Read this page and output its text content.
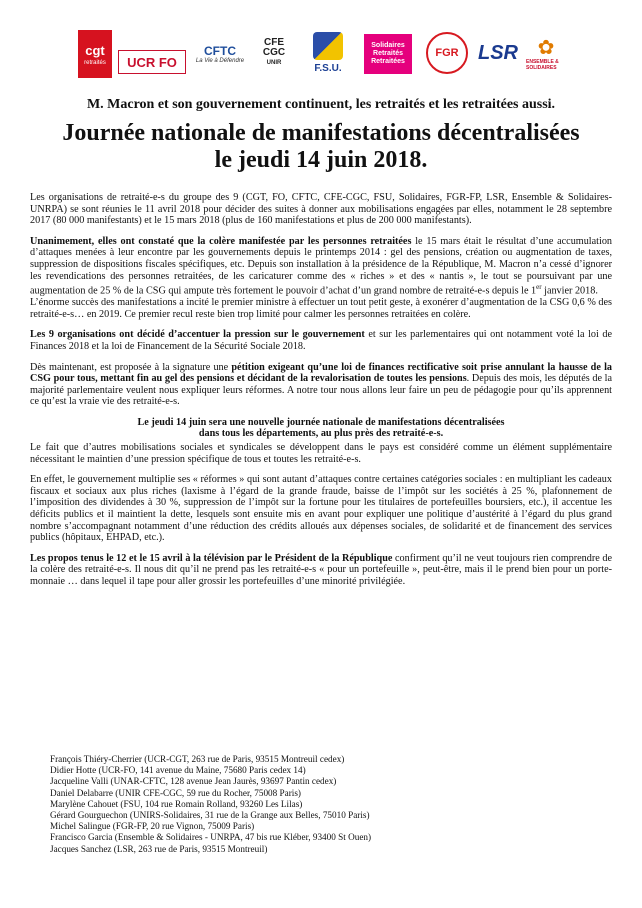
cgt
retraités UCR FO
CFTC
La Vie à Défendre
CFE
CGC
UNIR	F.S.U.
Solidaires Retraités Retraitées
FGR LSR ✿
ENSEMBLE & SOLIDAIRES
M. Macron et son gouvernement continuent, les retraités et les retraitées aussi.
Journée nationale de manifestations décentralisées
le jeudi 14 juin 2018.

Les organisations de retraité-e-s du groupe des 9 (CGT, FO, CFTC, CFE-CGC, FSU, Solidaires, FGR-FP, LSR, Ensemble & Solidaires-UNRPA) se sont réunies le 11 avril 2018 pour décider des suites à donner aux mobilisations engagées par elles, notamment le 28 septembre 2017 (80 000 manifestants) et le 15 mars 2018 (plus de 160 manifestations et plus de 200 000 manifestants).

Unanimement, elles ont constaté que la colère manifestée par les personnes retraitées le 15 mars était le résultat d’une accumulation d’attaques menées à leur encontre par les gouvernements depuis le printemps 2014 : gel des pensions, création ou augmentation de taxes, suppression de dispositions fiscales spécifiques, etc. Depuis son installation à la présidence de la République, M. Macron n’a cessé d’ignorer les revendications des personnes retraitées, de les caricaturer comme des « riches » et des « nantis », le tout se poursuivant par une augmentation de 25 % de la CSG qui ampute très fortement le pouvoir d’achat d’un grand nombre de retraité-e-s depuis le 1er janvier 2018.

L’énorme succès des manifestations a incité le premier ministre à effectuer un tout petit geste, à exonérer d’augmentation de la CSG 0,6 % des retraité-e-s… en 2019. Ce premier recul reste bien trop limité pour calmer les personnes retraitées en colère.

Les 9 organisations ont décidé d’accentuer la pression sur le gouvernement et sur les parlementaires qui ont notamment voté la loi de Finances 2018 et la loi de Financement de la Sécurité Sociale 2018.

Dès maintenant, est proposée à la signature une pétition exigeant qu’une loi de finances rectificative soit prise annulant la hausse de la CSG pour tous, mettant fin au gel des pensions et décidant de la revalorisation de toutes les pensions. Depuis des mois, les députés de la majorité parlementaire veulent nous expliquer leurs réformes. A notre tour nous allons leur faire un peu de pédagogie pour qu’ils apprennent ce qu’est la vraie vie des retraité-e-s.

Le jeudi 14 juin sera une nouvelle journée nationale de manifestations décentralisées
dans tous les départements, au plus près des retraité-e-s.

Le fait que d’autres mobilisations sociales et syndicales se développent dans le pays est considéré comme un élément supplémentaire nécessitant le maintien d’une pression spécifique de tous et toutes les retraité-e-s.

En effet, le gouvernement multiplie ses « réformes » qui sont autant d’attaques contre certaines catégories sociales : en multipliant les cadeaux fiscaux et sociaux aux plus riches (laxisme à l’égard de la grande fraude, baisse de l’impôt sur les sociétés à 25 %, plafonnement de l’imposition des dividendes à 30 %, suppression de l’impôt sur la fortune pour les titulaires de portefeuilles boursiers, etc.), il accentue les déficits publics et il maintient la dette, lesquels sont ensuite mis en avant pour expliquer une politique d’austérité à l’égard du plus grand nombre s’accompagnant notamment d’une réduction des crédits alloués aux dépenses sociales, de solidarité et de financement des services publics (hôpitaux, EHPAD, etc.).

Les propos tenus le 12 et le 15 avril à la télévision par le Président de la République confirment qu’il ne veut toujours rien comprendre de la colère des retraité-e-s. Il nous dit qu’il ne prend pas les retraité-e-s « pour un portefeuille », peut-être, mais il le prend bien pour un porte-monnaie … dans lequel il tape pour aller grossir les portefeuilles d’une minorité privilégiée.

François Thiéry-Cherrier (UCR-CGT, 263 rue de Paris, 93515 Montreuil cedex)
Didier Hotte (UCR-FO, 141 avenue du Maine, 75680 Paris cedex 14)
Jacqueline Valli (UNAR-CFTC, 128 avenue Jean Jaurès, 93697 Pantin cedex)
Daniel Delabarre (UNIR CFE-CGC, 59 rue du Rocher, 75008 Paris)
Marylène Cahouet (FSU, 104 rue Romain Rolland, 93260 Les Lilas)
Gérard Gourguechon (UNIRS-Solidaires, 31 rue de la Grange aux Belles, 75010 Paris)
Michel Salingue (FGR-FP, 20 rue Vignon, 75009 Paris)
Francisco Garcia (Ensemble & Solidaires - UNRPA, 47 bis rue Kléber, 93400 St Ouen)
Jacques Sanchez (LSR, 263 rue de Paris, 93515 Montreuil)
